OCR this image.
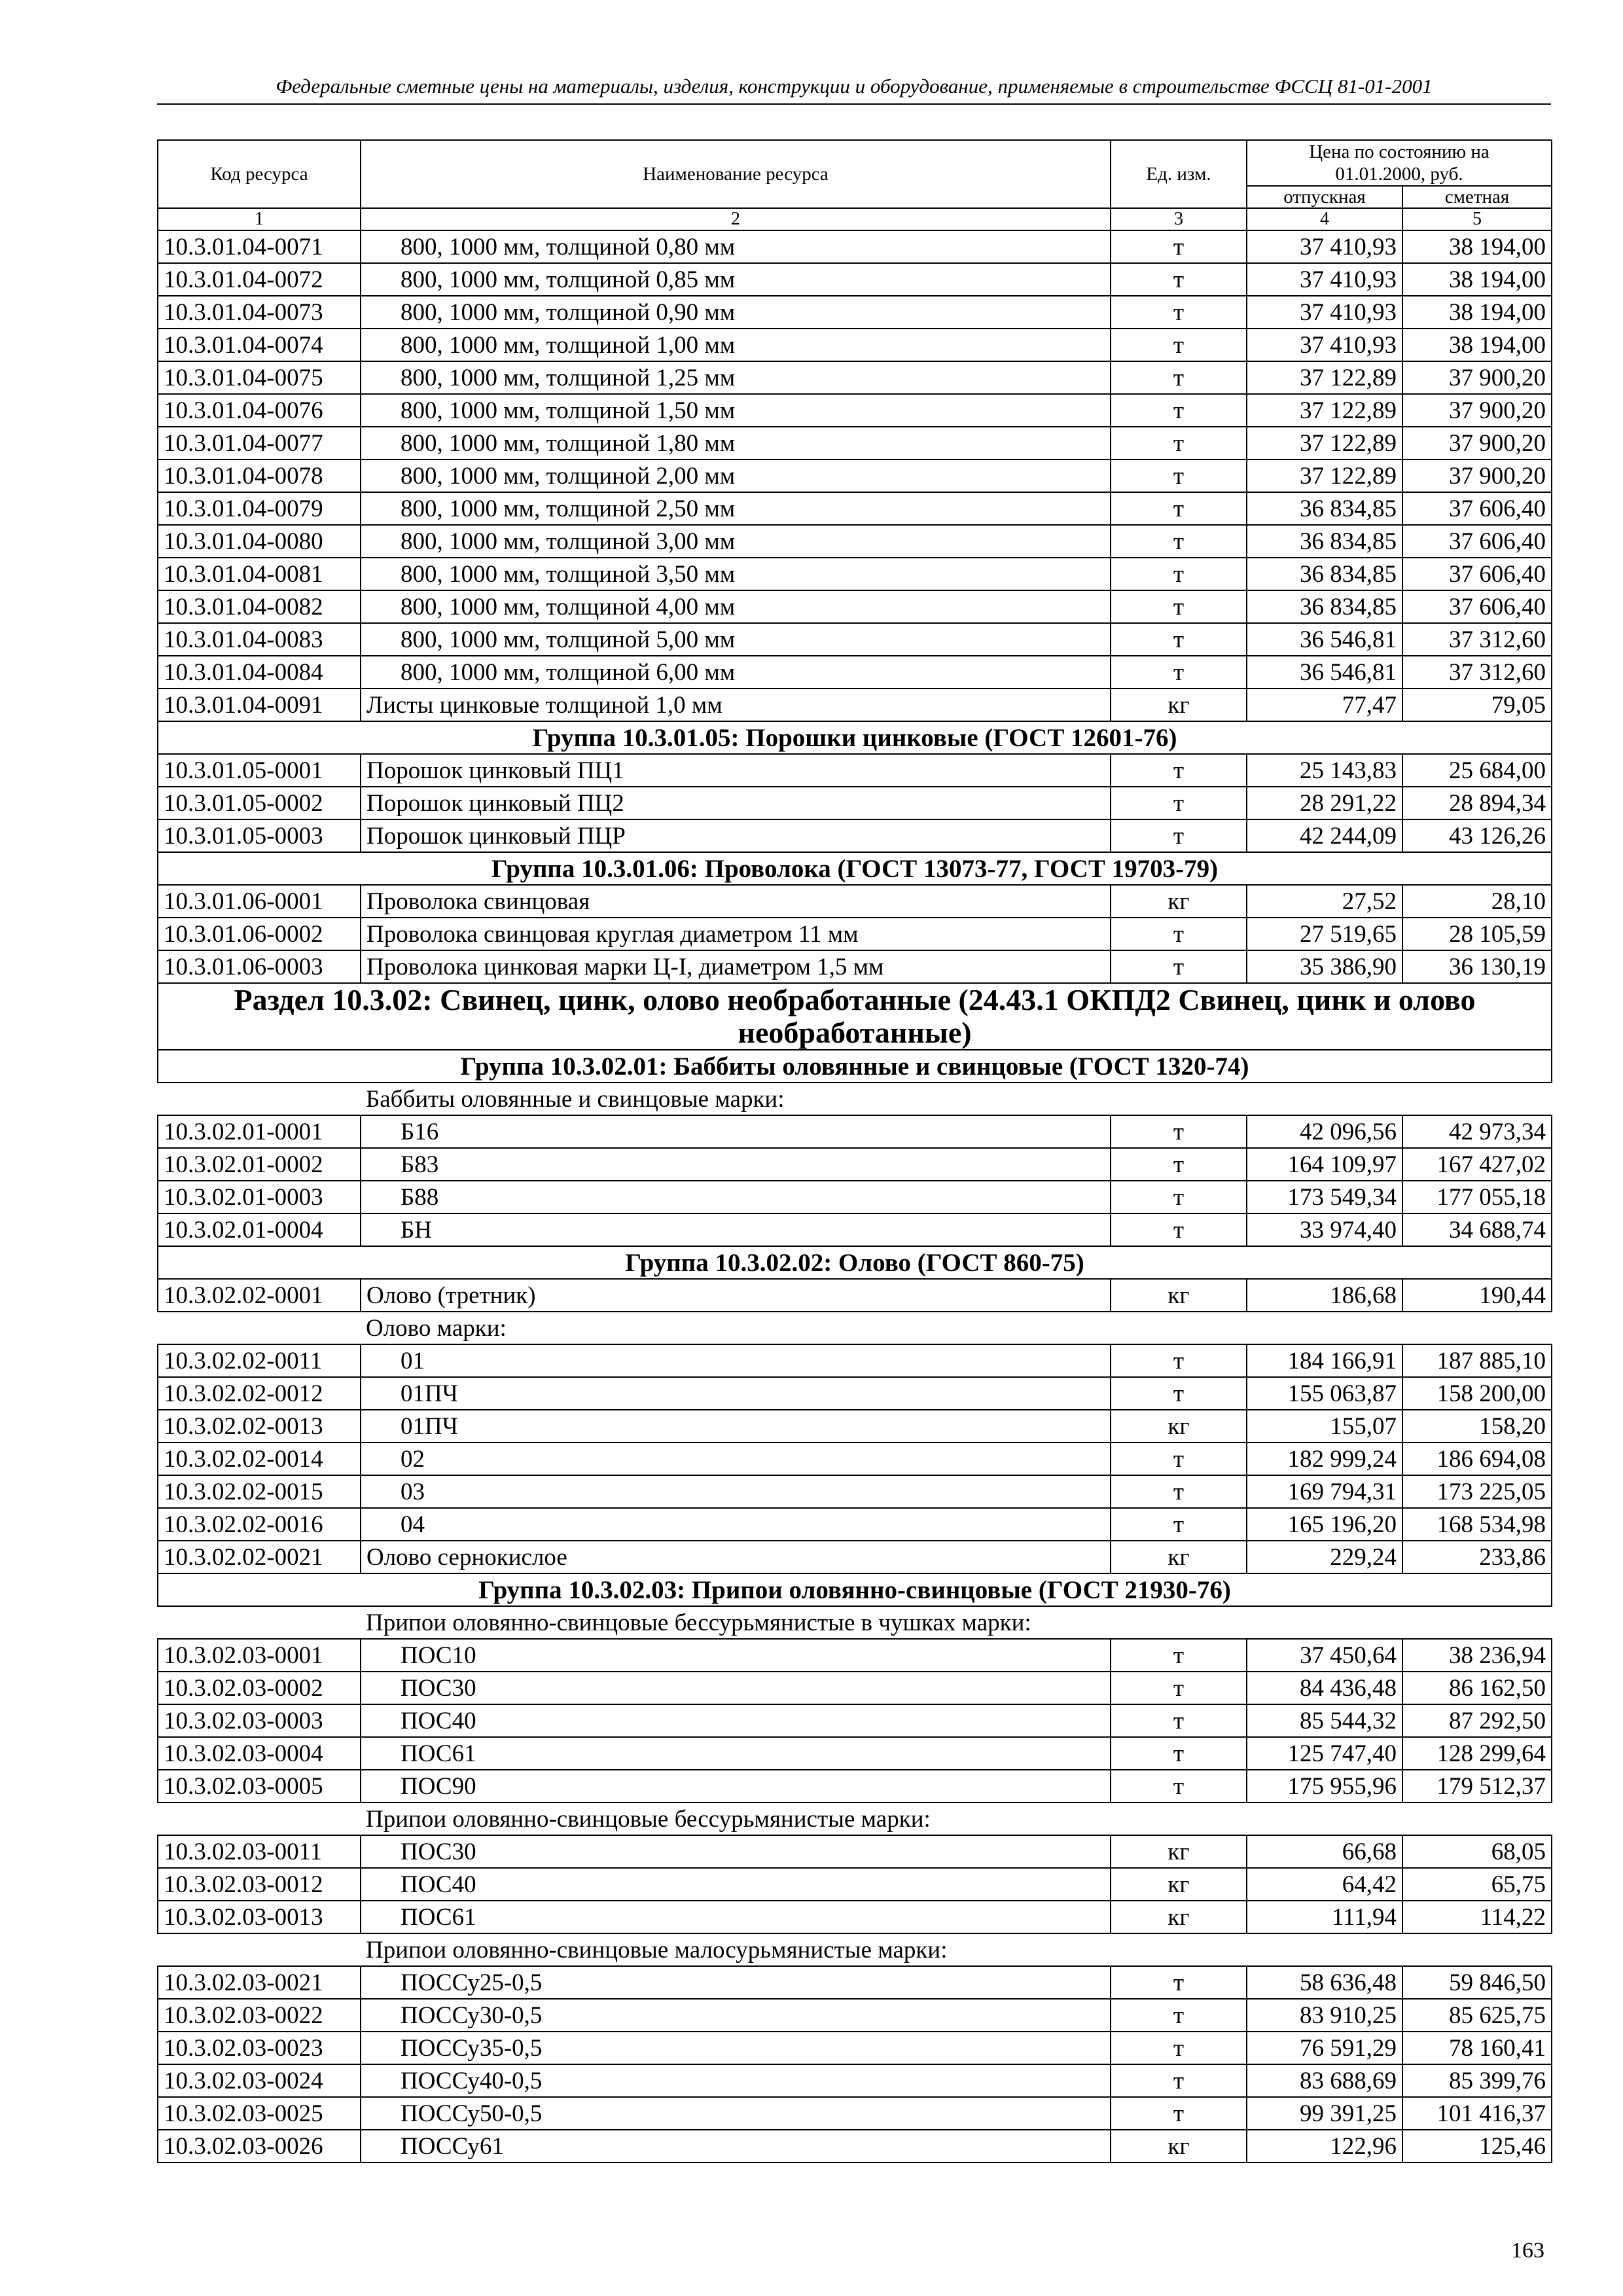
Федеральные сметные цены на материалы, изделия, конструкции и оборудование, применяемые в строительстве ФССЦ 81-01-2001
Код ресурса	Наименование ресурса	Ед. изм.	Цена по состоянию на 01.01.2000, руб.	
			отпускная	сметная
1	2	3	4	5
10.3.01.04-0071	800, 1000 мм, толщиной 0,80 мм	т	37 410,93	38 194,00
10.3.01.04-0072	800, 1000 мм, толщиной 0,85 мм	т	37 410,93	38 194,00
10.3.01.04-0073	800, 1000 мм, толщиной 0,90 мм	т	37 410,93	38 194,00
10.3.01.04-0074	800, 1000 мм, толщиной 1,00 мм	т	37 410,93	38 194,00
10.3.01.04-0075	800, 1000 мм, толщиной 1,25 мм	т	37 122,89	37 900,20
10.3.01.04-0076	800, 1000 мм, толщиной 1,50 мм	т	37 122,89	37 900,20
10.3.01.04-0077	800, 1000 мм, толщиной 1,80 мм	т	37 122,89	37 900,20
10.3.01.04-0078	800, 1000 мм, толщиной 2,00 мм	т	37 122,89	37 900,20
10.3.01.04-0079	800, 1000 мм, толщиной 2,50 мм	т	36 834,85	37 606,40
10.3.01.04-0080	800, 1000 мм, толщиной 3,00 мм	т	36 834,85	37 606,40
10.3.01.04-0081	800, 1000 мм, толщиной 3,50 мм	т	36 834,85	37 606,40
10.3.01.04-0082	800, 1000 мм, толщиной 4,00 мм	т	36 834,85	37 606,40
10.3.01.04-0083	800, 1000 мм, толщиной 5,00 мм	т	36 546,81	37 312,60
10.3.01.04-0084	800, 1000 мм, толщиной 6,00 мм	т	36 546,81	37 312,60
10.3.01.04-0091	Листы цинковые толщиной 1,0 мм	кг	77,47	79,05
Группа 10.3.01.05: Порошки цинковые (ГОСТ 12601-76)				
10.3.01.05-0001	Порошок цинковый ПЦ1	т	25 143,83	25 684,00
10.3.01.05-0002	Порошок цинковый ПЦ2	т	28 291,22	28 894,34
10.3.01.05-0003	Порошок цинковый ПЦР	т	42 244,09	43 126,26
Группа 10.3.01.06: Проволока (ГОСТ 13073-77, ГОСТ 19703-79)				
10.3.01.06-0001	Проволока свинцовая	кг	27,52	28,10
10.3.01.06-0002	Проволока свинцовая круглая диаметром 11 мм	т	27 519,65	28 105,59
10.3.01.06-0003	Проволока цинковая марки Ц-I, диаметром 1,5 мм	т	35 386,90	36 130,19
Раздел 10.3.02: Свинец, цинк, олово необработанные (24.43.1 ОКПД2 Свинец, цинк и олово необработанные)				
Группа 10.3.02.01: Баббиты оловянные и свинцовые (ГОСТ 1320-74)				
	Баббиты оловянные и свинцовые марки:			
10.3.02.01-0001	Б16	т	42 096,56	42 973,34
10.3.02.01-0002	Б83	т	164 109,97	167 427,02
10.3.02.01-0003	Б88	т	173 549,34	177 055,18
10.3.02.01-0004	БН	т	33 974,40	34 688,74
Группа 10.3.02.02: Олово (ГОСТ 860-75)				
10.3.02.02-0001	Олово (третник)	кг	186,68	190,44
	Олово марки:			
10.3.02.02-0011	01	т	184 166,91	187 885,10
10.3.02.02-0012	01ПЧ	т	155 063,87	158 200,00
10.3.02.02-0013	01ПЧ	кг	155,07	158,20
10.3.02.02-0014	02	т	182 999,24	186 694,08
10.3.02.02-0015	03	т	169 794,31	173 225,05
10.3.02.02-0016	04	т	165 196,20	168 534,98
10.3.02.02-0021	Олово сернокислое	кг	229,24	233,86
Группа 10.3.02.03: Припои оловянно-свинцовые (ГОСТ 21930-76)				
	Припои оловянно-свинцовые бессурьмянистые в чушках марки:			
10.3.02.03-0001	ПОС10	т	37 450,64	38 236,94
10.3.02.03-0002	ПОС30	т	84 436,48	86 162,50
10.3.02.03-0003	ПОС40	т	85 544,32	87 292,50
10.3.02.03-0004	ПОС61	т	125 747,40	128 299,64
10.3.02.03-0005	ПОС90	т	175 955,96	179 512,37
	Припои оловянно-свинцовые бессурьмянистые марки:			
10.3.02.03-0011	ПОС30	кг	66,68	68,05
10.3.02.03-0012	ПОС40	кг	64,42	65,75
10.3.02.03-0013	ПОС61	кг	111,94	114,22
	Припои оловянно-свинцовые малосурьмянистые марки:			
10.3.02.03-0021	ПОССу25-0,5	т	58 636,48	59 846,50
10.3.02.03-0022	ПОССу30-0,5	т	83 910,25	85 625,75
10.3.02.03-0023	ПОССу35-0,5	т	76 591,29	78 160,41
10.3.02.03-0024	ПОССу40-0,5	т	83 688,69	85 399,76
10.3.02.03-0025	ПОССу50-0,5	т	99 391,25	101 416,37
10.3.02.03-0026	ПОССу61	кг	122,96	125,46
163
